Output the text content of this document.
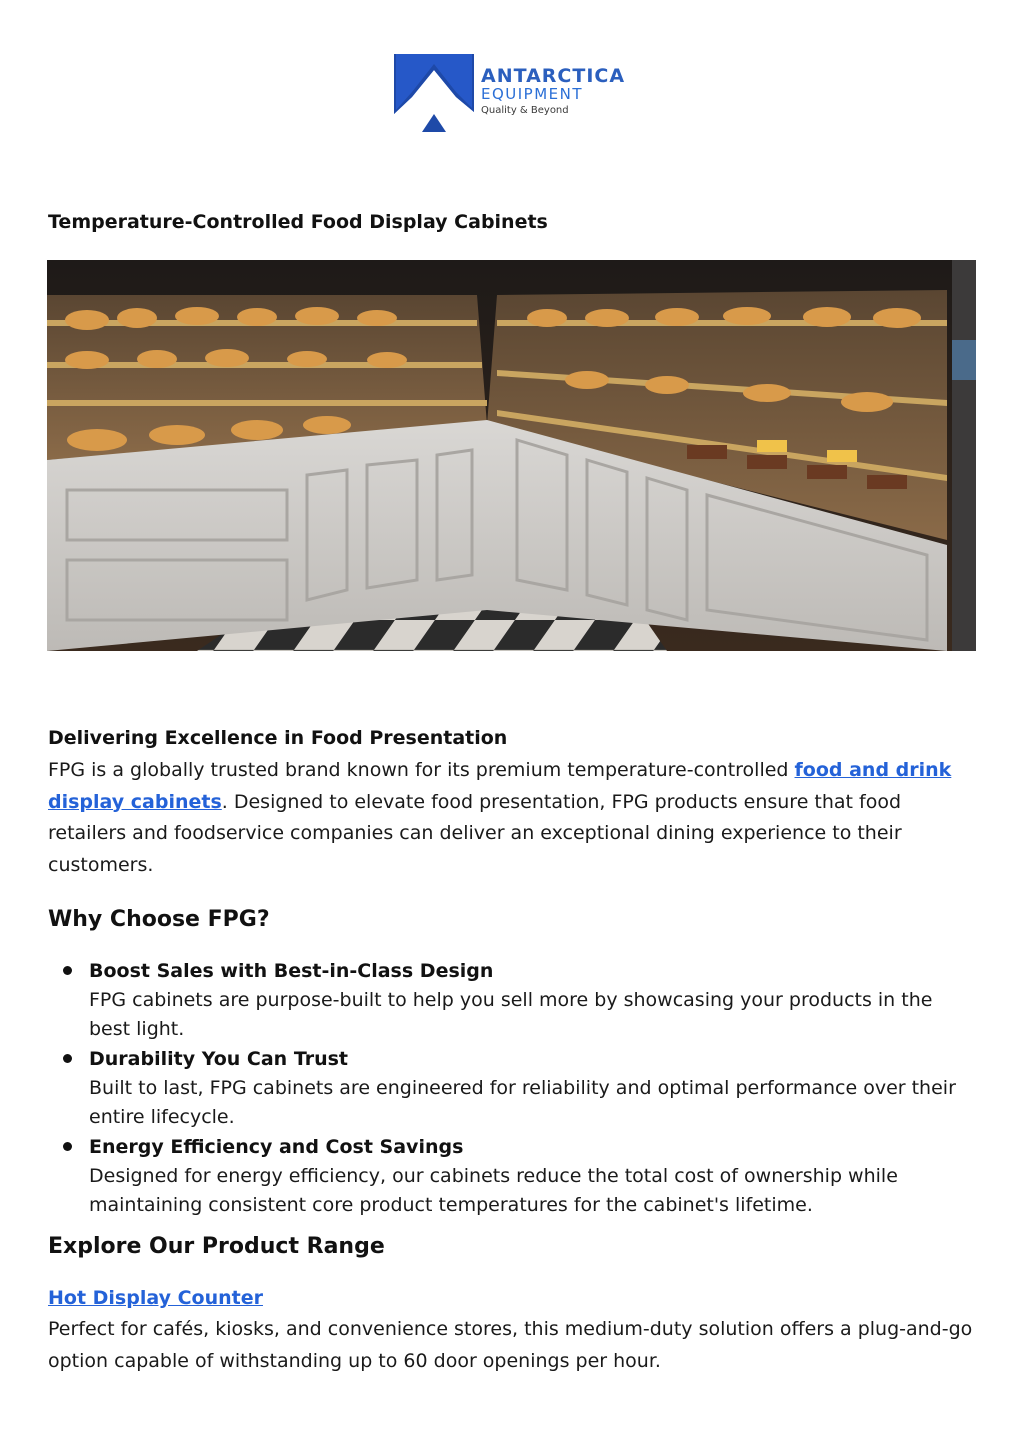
ANTARCTICA
EQUIPMENT
Quality & Beyond
Temperature-Controlled Food Display Cabinets
Delivering Excellence in Food Presentation

FPG is a globally trusted brand known for its premium temperature-controlled food and drink display cabinets. Designed to elevate food presentation, FPG products ensure that food retailers and foodservice companies can deliver an exceptional dining experience to their customers.

Why Choose FPG?
Boost Sales with Best-in-Class Design
FPG cabinets are purpose-built to help you sell more by showcasing your products in the best light.
Durability You Can Trust
Built to last, FPG cabinets are engineered for reliability and optimal performance over their entire lifecycle.
Energy Efficiency and Cost Savings
Designed for energy efficiency, our cabinets reduce the total cost of ownership while maintaining consistent core product temperatures for the cabinet's lifetime.
Explore Our Product Range
Hot Display Counter

Perfect for cafés, kiosks, and convenience stores, this medium-duty solution offers a plug-and-go option capable of withstanding up to 60 door openings per hour.
